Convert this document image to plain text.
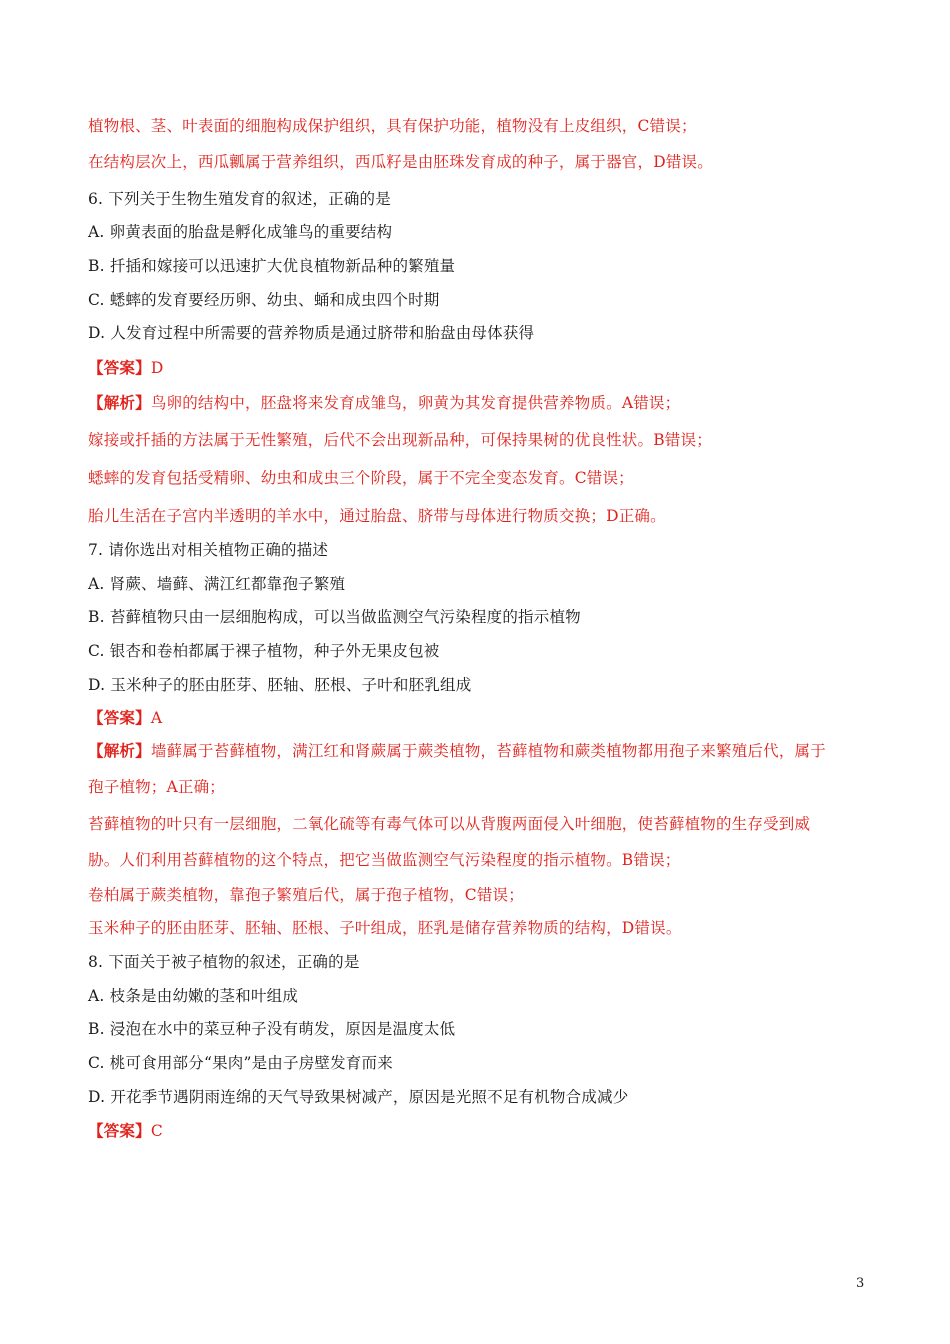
植物根、茎、叶表面的细胞构成保护组织，具有保护功能，植物没有上皮组织，C错误；
在结构层次上，西瓜瓤属于营养组织，西瓜籽是由胚珠发育成的种子，属于器官，D错误。
6. 下列关于生物生殖发育的叙述，正确的是
A. 卵黄表面的胎盘是孵化成雏鸟的重要结构
B. 扦插和嫁接可以迅速扩大优良植物新品种的繁殖量
C. 蟋蟀的发育要经历卵、幼虫、蛹和成虫四个时期
D. 人发育过程中所需要的营养物质是通过脐带和胎盘由母体获得
【答案】D
【解析】鸟卵的结构中，胚盘将来发育成雏鸟，卵黄为其发育提供营养物质。A错误；
嫁接或扦插的方法属于无性繁殖，后代不会出现新品种，可保持果树的优良性状。B错误；
蟋蟀的发育包括受精卵、幼虫和成虫三个阶段，属于不完全变态发育。C错误；
胎儿生活在子宫内半透明的羊水中，通过胎盘、脐带与母体进行物质交换；D正确。
7. 请你选出对相关植物正确的描述
A. 肾蕨、墙藓、满江红都靠孢子繁殖
B. 苔藓植物只由一层细胞构成，可以当做监测空气污染程度的指示植物
C. 银杏和卷柏都属于裸子植物，种子外无果皮包被
D. 玉米种子的胚由胚芽、胚轴、胚根、子叶和胚乳组成
【答案】A
【解析】墙藓属于苔藓植物，满江红和肾蕨属于蕨类植物，苔藓植物和蕨类植物都用孢子来繁殖后代，属于
孢子植物；A正确；
苔藓植物的叶只有一层细胞，二氧化硫等有毒气体可以从背腹两面侵入叶细胞，使苔藓植物的生存受到威
胁。人们利用苔藓植物的这个特点，把它当做监测空气污染程度的指示植物。B错误；
卷柏属于蕨类植物，靠孢子繁殖后代，属于孢子植物，C错误；
玉米种子的胚由胚芽、胚轴、胚根、子叶组成，胚乳是储存营养物质的结构，D错误。
8. 下面关于被子植物的叙述，正确的是
A. 枝条是由幼嫩的茎和叶组成
B. 浸泡在水中的菜豆种子没有萌发，原因是温度太低
C. 桃可食用部分“果肉”是由子房壁发育而来
D. 开花季节遇阴雨连绵的天气导致果树减产，原因是光照不足有机物合成减少
【答案】C
3
